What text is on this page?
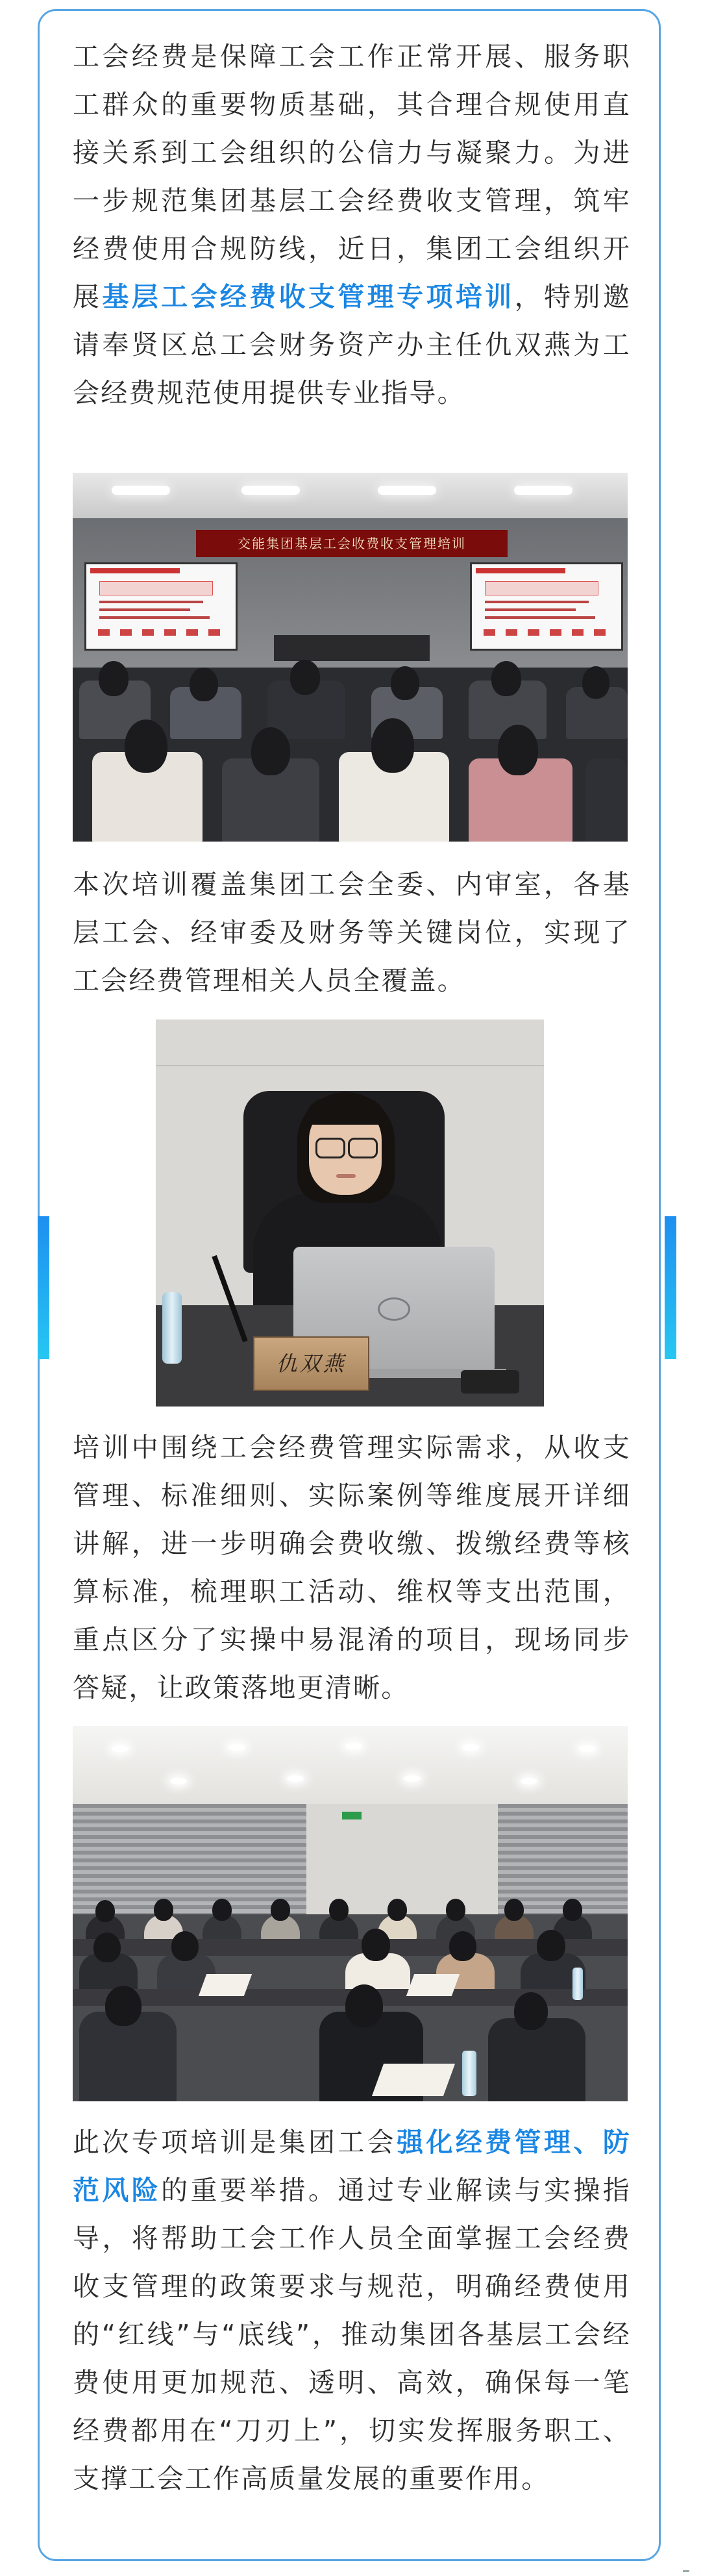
工会经费是保障工会工作正常开展、服务职工群众的重要物质基础，其合理合规使用直接关系到工会组织的公信力与凝聚力。为进一步规范集团基层工会经费收支管理，筑牢经费使用合规防线，近日，集团工会组织开展基层工会经费收支管理专项培训，特别邀请奉贤区总工会财务资产办主任仇双燕为工会经费规范使用提供专业指导。

交能集团基层工会收费收支管理培训

本次培训覆盖集团工会全委、内审室，各基层工会、经审委及财务等关键岗位，实现了工会经费管理相关人员全覆盖。

仇双燕

培训中围绕工会经费管理实际需求，从收支管理、标准细则、实际案例等维度展开详细讲解，进一步明确会费收缴、拨缴经费等核算标准，梳理职工活动、维权等支出范围，重点区分了实操中易混淆的项目，现场同步答疑，让政策落地更清晰。

此次专项培训是集团工会强化经费管理、防范风险的重要举措。通过专业解读与实操指导，将帮助工会工作人员全面掌握工会经费收支管理的政策要求与规范，明确经费使用的“红线”与“底线”，推动集团各基层工会经费使用更加规范、透明、高效，确保每一笔经费都用在“刀刃上”，切实发挥服务职工、支撑工会工作高质量发展的重要作用。
